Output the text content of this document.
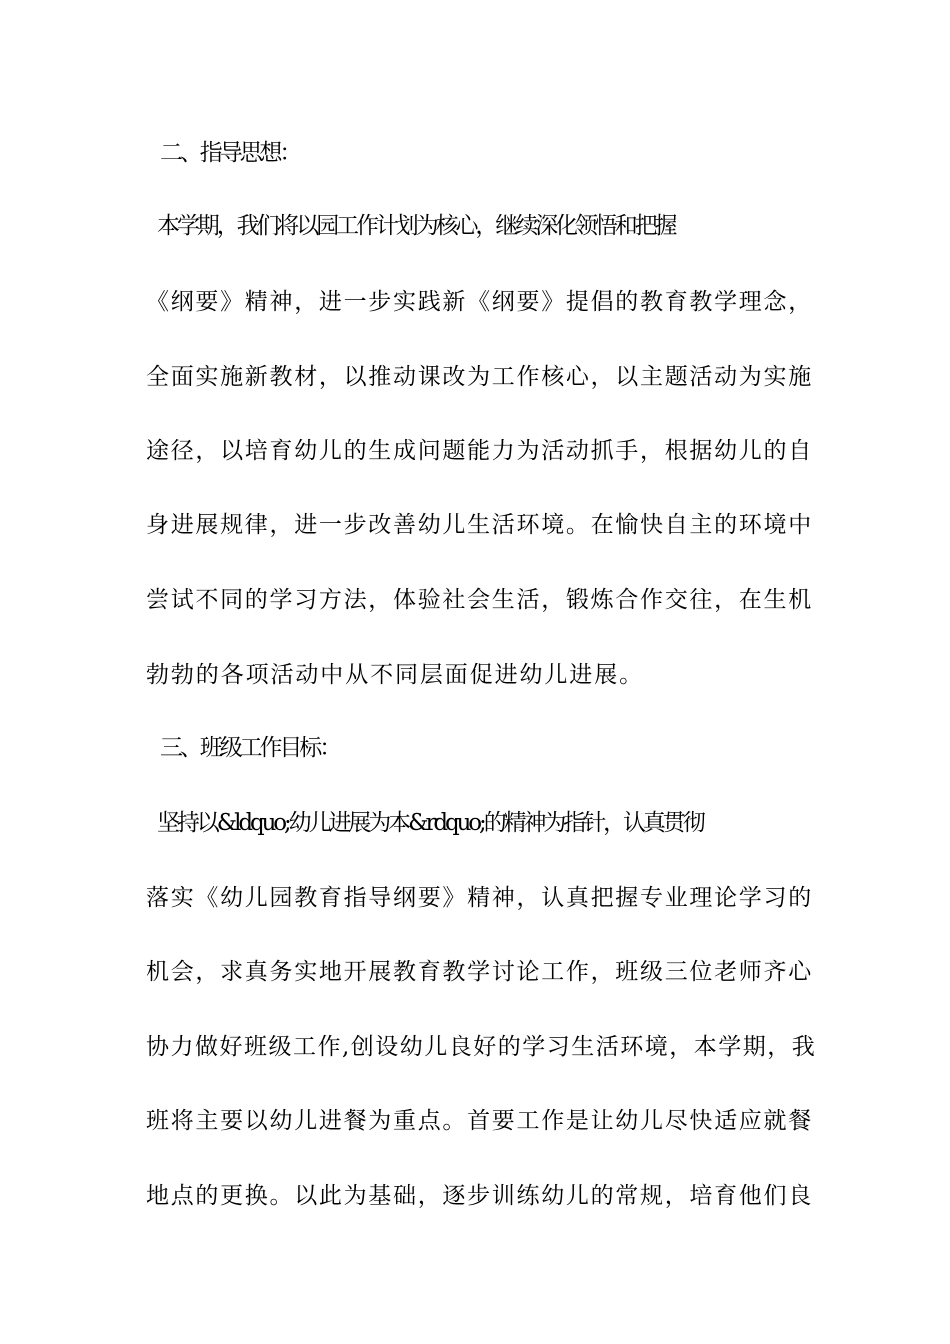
二、指导思想：
本学期，我们将以园工作计划为核心，继续深化领悟和把握
《纲要》精神，进一步实践新《纲要》提倡的教育教学理念，
全面实施新教材，以推动课改为工作核心，以主题活动为实施
途径，以培育幼儿的生成问题能力为活动抓手，根据幼儿的自
身进展规律，进一步改善幼儿生活环境。在愉快自主的环境中
尝试不同的学习方法，体验社会生活，锻炼合作交往，在生机
勃勃的各项活动中从不同层面促进幼儿进展。
三、班级工作目标：
坚持以&ldquo;幼儿进展为本&rdquo;的精神为指针，认真贯彻
落实《幼儿园教育指导纲要》精神，认真把握专业理论学习的
机会，求真务实地开展教育教学讨论工作，班级三位老师齐心
协力做好班级工作,创设幼儿良好的学习生活环境，本学期，我
班将主要以幼儿进餐为重点。首要工作是让幼儿尽快适应就餐
地点的更换。以此为基础，逐步训练幼儿的常规，培育他们良
